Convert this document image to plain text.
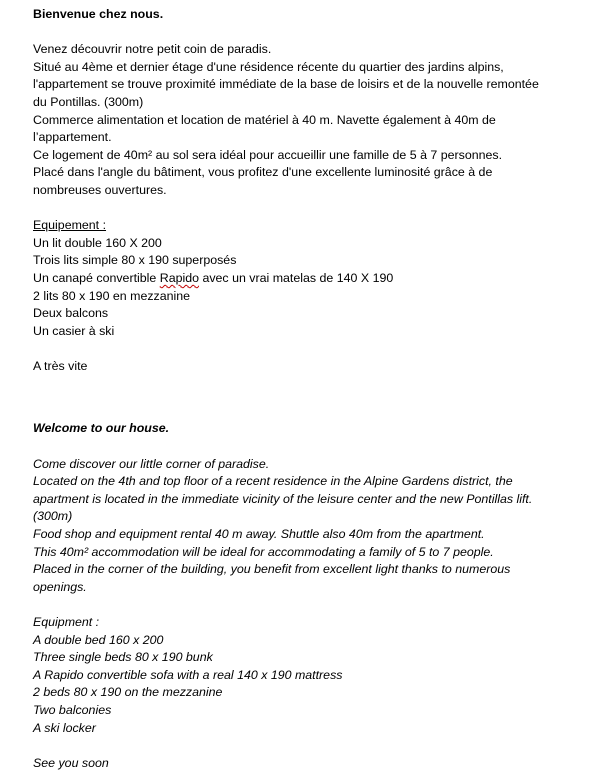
Bienvenue chez nous.
Venez découvrir notre petit coin de paradis.
Situé au 4ème et dernier étage d'une résidence récente du quartier des jardins alpins,
l'appartement se trouve proximité immédiate de la base de loisirs et de la nouvelle remontée
du Pontillas. (300m)
Commerce alimentation et location de matériel à 40 m. Navette également à 40m de
l’appartement.
Ce logement de 40m² au sol sera idéal pour accueillir une famille de 5 à 7 personnes.
Placé dans l'angle du bâtiment, vous profitez d'une excellente luminosité grâce à de
nombreuses ouvertures.
Equipement :
Un lit double 160 X 200
Trois lits simple 80 x 190 superposés
Un canapé convertible Rapido avec un vrai matelas de 140 X 190
2 lits 80 x 190 en mezzanine
Deux balcons
Un casier à ski
A très vite
Welcome to our house.
Come discover our little corner of paradise.
Located on the 4th and top floor of a recent residence in the Alpine Gardens district, the
apartment is located in the immediate vicinity of the leisure center and the new Pontillas lift.
(300m)
Food shop and equipment rental 40 m away. Shuttle also 40m from the apartment.
This 40m² accommodation will be ideal for accommodating a family of 5 to 7 people.
Placed in the corner of the building, you benefit from excellent light thanks to numerous
openings.
Equipment :
A double bed 160 x 200
Three single beds 80 x 190 bunk
A Rapido convertible sofa with a real 140 x 190 mattress
2 beds 80 x 190 on the mezzanine
Two balconies
A ski locker
See you soon
